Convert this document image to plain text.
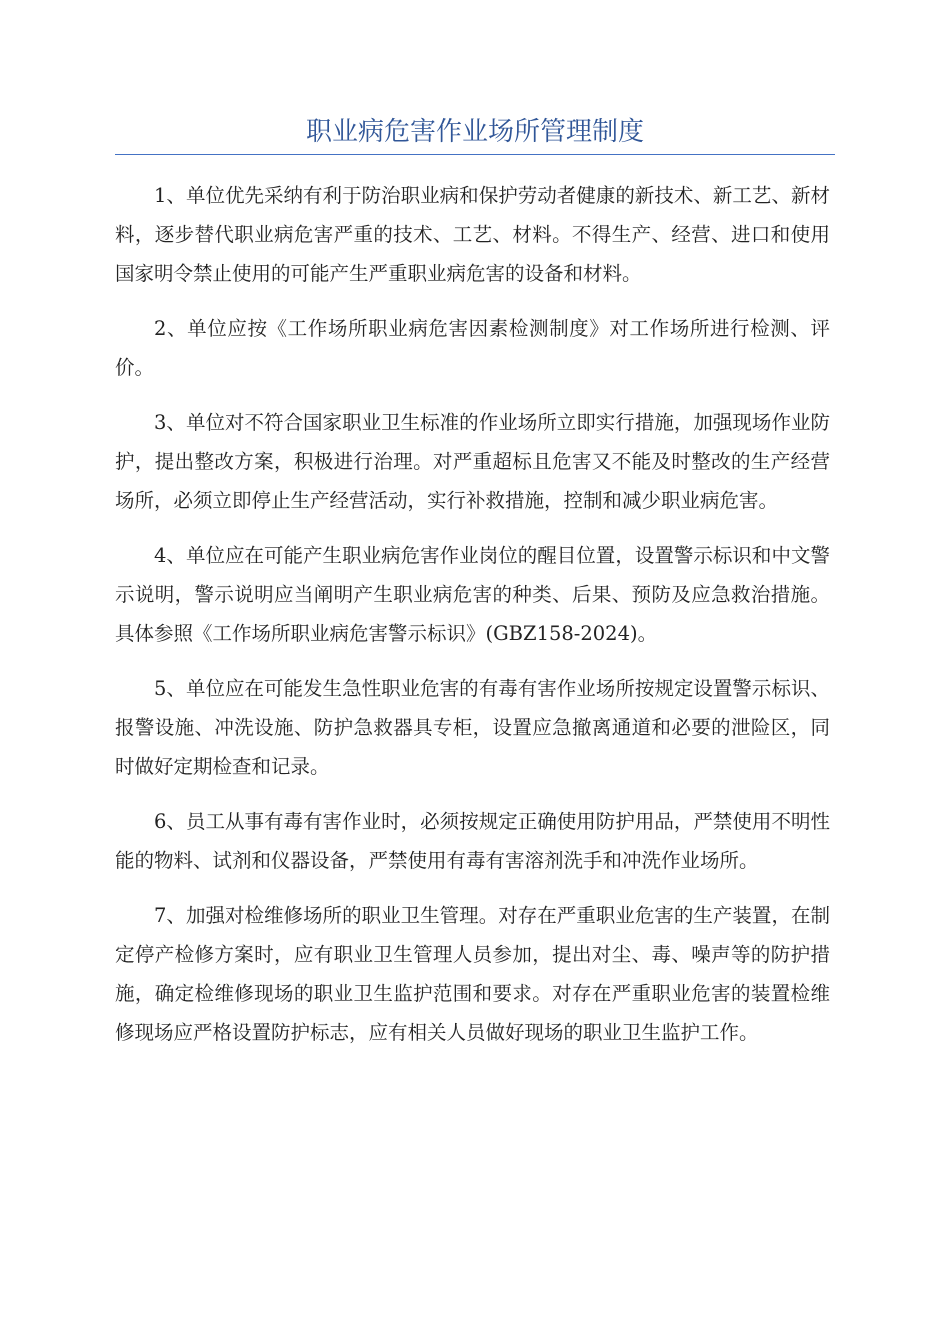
职业病危害作业场所管理制度

1、单位优先采纳有利于防治职业病和保护劳动者健康的新技术、新工艺、新材料，逐步替代职业病危害严重的技术、工艺、材料。不得生产、经营、进口和使用国家明令禁止使用的可能产生严重职业病危害的设备和材料。

2、单位应按《工作场所职业病危害因素检测制度》对工作场所进行检测、评价。

3、单位对不符合国家职业卫生标准的作业场所立即实行措施，加强现场作业防护，提出整改方案，积极进行治理。对严重超标且危害又不能及时整改的生产经营场所，必须立即停止生产经营活动，实行补救措施，控制和减少职业病危害。

4、单位应在可能产生职业病危害作业岗位的醒目位置，设置警示标识和中文警示说明，警示说明应当阐明产生职业病危害的种类、后果、预防及应急救治措施。具体参照《工作场所职业病危害警示标识》(GBZ158-2024)。

5、单位应在可能发生急性职业危害的有毒有害作业场所按规定设置警示标识、报警设施、冲洗设施、防护急救器具专柜，设置应急撤离通道和必要的泄险区，同时做好定期检查和记录。

6、员工从事有毒有害作业时，必须按规定正确使用防护用品，严禁使用不明性能的物料、试剂和仪器设备，严禁使用有毒有害溶剂洗手和冲洗作业场所。

7、加强对检维修场所的职业卫生管理。对存在严重职业危害的生产装置，在制定停产检修方案时，应有职业卫生管理人员参加，提出对尘、毒、噪声等的防护措施，确定检维修现场的职业卫生监护范围和要求。对存在严重职业危害的装置检维修现场应严格设置防护标志，应有相关人员做好现场的职业卫生监护工作。
